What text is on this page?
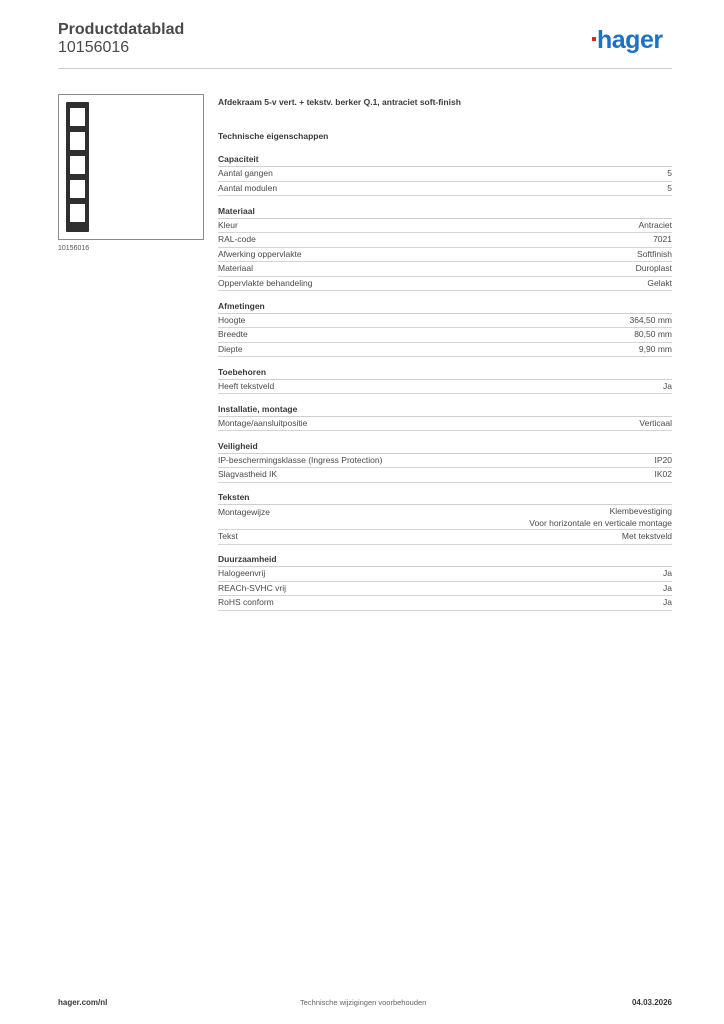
Productdatablad
10156016	hager
10156016
Afdekraam 5-v vert. + tekstv. berker Q.1, antraciet soft-finish
Technische eigenschappen
Capaciteit
Aantal gangen	5
Aantal modulen	5
Materiaal
Kleur	Antraciet
RAL-code	7021
Afwerking oppervlakte	Softfinish
Materiaal	Duroplast
Oppervlakte behandeling	Gelakt
Afmetingen
Hoogte	364,50 mm
Breedte	80,50 mm
Diepte	9,90 mm
Toebehoren
Heeft tekstveld	Ja
Installatie, montage
Montage/aansluitpositie	Verticaal
Veiligheid
IP-beschermingsklasse (Ingress Protection)	IP20
Slagvastheid IK	IK02
Teksten
Montagewijze	Klembevestiging
Voor horizontale en verticale montage
Tekst	Met tekstveld
Duurzaamheid
Halogeenvrij	Ja
REACh-SVHC vrij	Ja
RoHS conform	Ja
hager.com/nl	Technische wijzigingen voorbehouden	04.03.2026
